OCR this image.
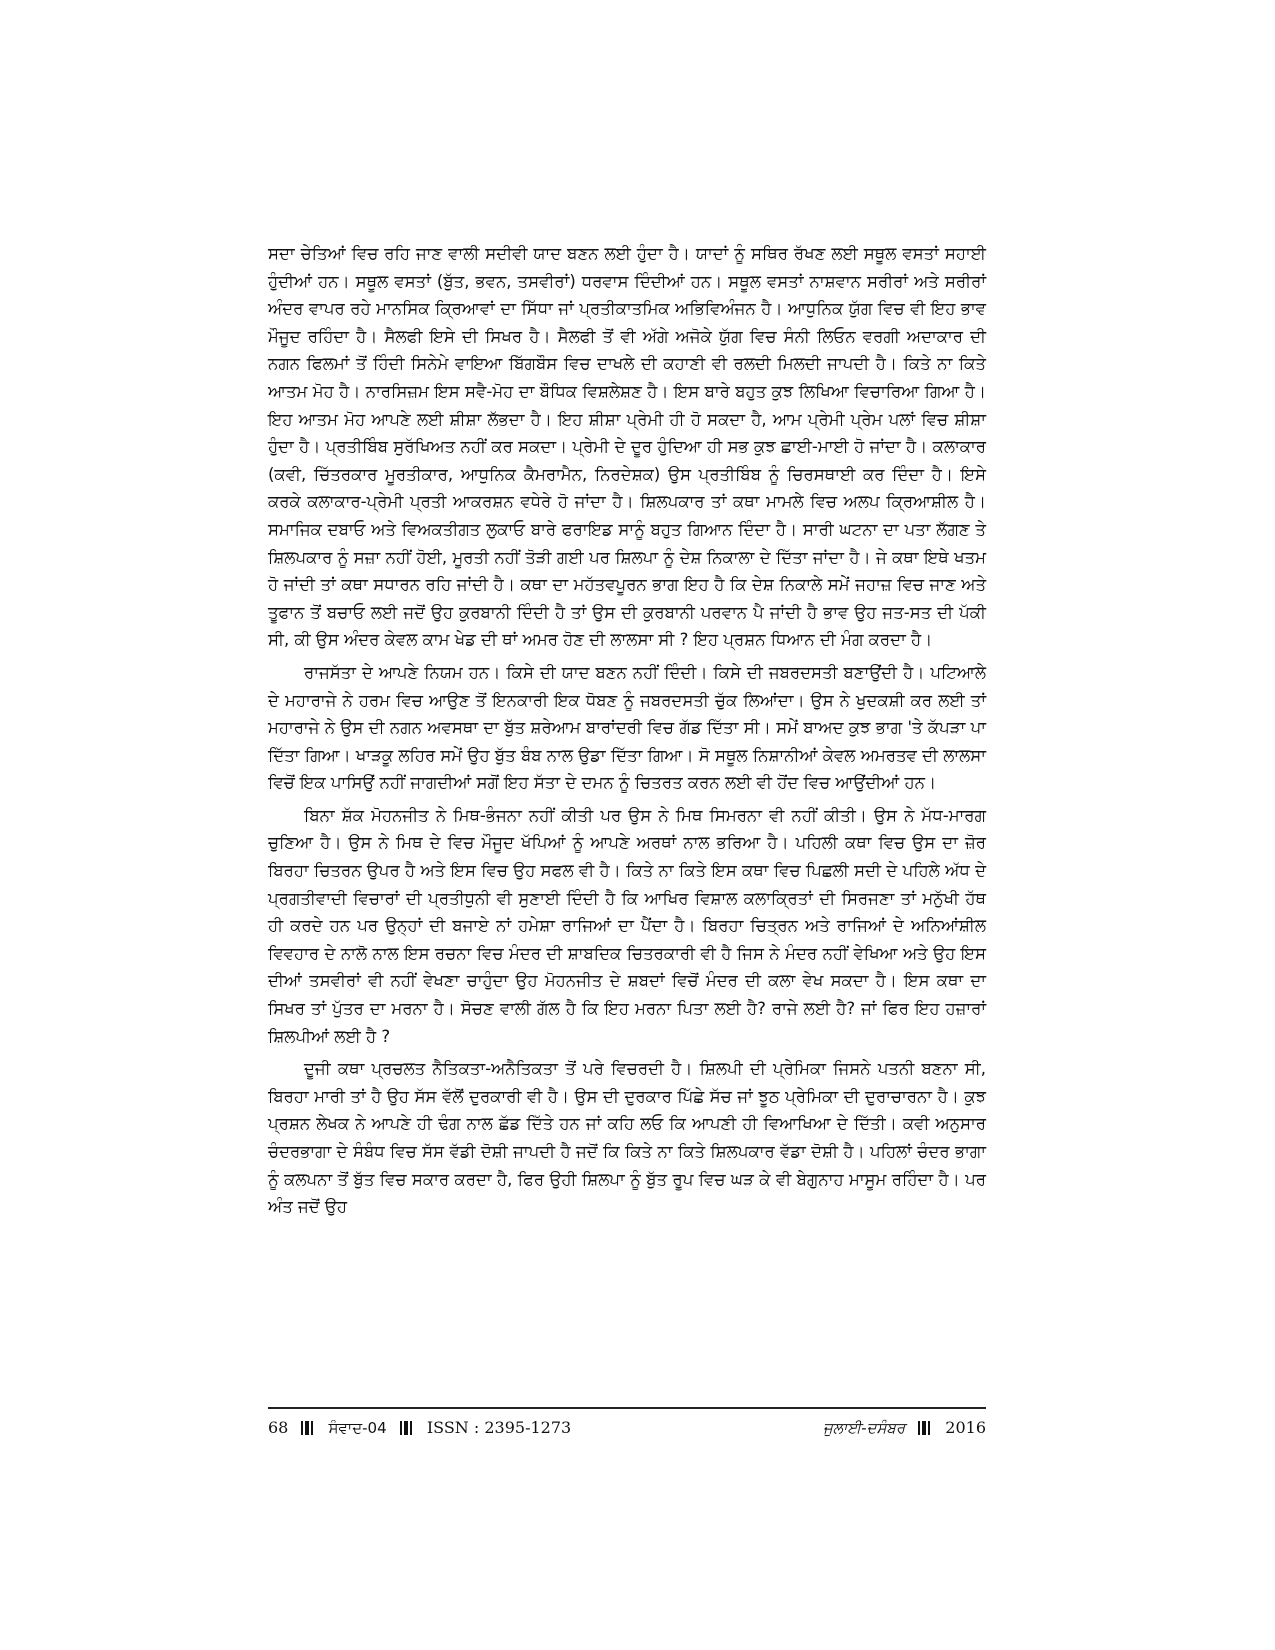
ਸਦਾ ਚੇਤਿਆਂ ਵਿਚ ਰਹਿ ਜਾਣ ਵਾਲੀ ਸਦੀਵੀ ਯਾਦ ਬਣਨ ਲਈ ਹੁੰਦਾ ਹੈ। ਯਾਦਾਂ ਨੂੰ ਸਥਿਰ ਰੱਖਣ ਲਈ ਸਥੂਲ ਵਸਤਾਂ ਸਹਾਈ ਹੁੰਦੀਆਂ ਹਨ। ਸਥੂਲ ਵਸਤਾਂ (ਬੁੱਤ, ਭਵਨ, ਤਸਵੀਰਾਂ) ਧਰਵਾਸ ਦਿੰਦੀਆਂ ਹਨ। ਸਥੂਲ ਵਸਤਾਂ ਨਾਸ਼ਵਾਨ ਸਰੀਰਾਂ ਅਤੇ ਸਰੀਰਾਂ ਅੰਦਰ ਵਾਪਰ ਰਹੇ ਮਾਨਸਿਕ ਕ੍ਰਿਆਵਾਂ ਦਾ ਸਿੱਧਾ ਜਾਂ ਪ੍ਰਤੀਕਾਤਮਿਕ ਅਭਿਵਿਅੰਜਨ ਹੈ। ਆਧੁਨਿਕ ਯੁੱਗ ਵਿਚ ਵੀ ਇਹ ਭਾਵ ਮੌਜੂਦ ਰਹਿੰਦਾ ਹੈ। ਸੈਲਫੀ ਇਸੇ ਦੀ ਸਿਖਰ ਹੈ। ਸੈਲਫੀ ਤੋਂ ਵੀ ਅੱਗੇ ਅਜੋਕੇ ਯੁੱਗ ਵਿਚ ਸੰਨੀ ਲਿਓਨ ਵਰਗੀ ਅਦਾਕਾਰ ਦੀ ਨਗਨ ਫਿਲਮਾਂ ਤੋਂ ਹਿੰਦੀ ਸਿਨੇਮੇ ਵਾਇਆ ਬਿੱਗਬੌਸ ਵਿਚ ਦਾਖਲੇ ਦੀ ਕਹਾਣੀ ਵੀ ਰਲਦੀ ਮਿਲਦੀ ਜਾਪਦੀ ਹੈ। ਕਿਤੇ ਨਾ ਕਿਤੇ ਆਤਮ ਮੋਹ ਹੈ। ਨਾਰਸਿਜ਼ਮ ਇਸ ਸਵੈ-ਮੋਹ ਦਾ ਬੌਧਿਕ ਵਿਸ਼ਲੇਸ਼ਣ ਹੈ। ਇਸ ਬਾਰੇ ਬਹੁਤ ਕੁਝ ਲਿਖਿਆ ਵਿਚਾਰਿਆ ਗਿਆ ਹੈ। ਇਹ ਆਤਮ ਮੋਹ ਆਪਣੇ ਲਈ ਸ਼ੀਸ਼ਾ ਲੱਭਦਾ ਹੈ। ਇਹ ਸ਼ੀਸ਼ਾ ਪ੍ਰੇਮੀ ਹੀ ਹੋ ਸਕਦਾ ਹੈ, ਆਮ ਪ੍ਰੇਮੀ ਪ੍ਰੇਮ ਪਲਾਂ ਵਿਚ ਸ਼ੀਸ਼ਾ ਹੁੰਦਾ ਹੈ। ਪ੍ਰਤੀਬਿੰਬ ਸੁਰੱਖਿਅਤ ਨਹੀਂ ਕਰ ਸਕਦਾ। ਪ੍ਰੇਮੀ ਦੇ ਦੂਰ ਹੁੰਦਿਆ ਹੀ ਸਭ ਕੁਝ ਛਾਈ-ਮਾਈ ਹੋ ਜਾਂਦਾ ਹੈ। ਕਲਾਕਾਰ (ਕਵੀ, ਚਿੱਤਰਕਾਰ ਮੂਰਤੀਕਾਰ, ਆਧੁਨਿਕ ਕੈਮਰਾਮੈਨ, ਨਿਰਦੇਸ਼ਕ) ਉਸ ਪ੍ਰਤੀਬਿੰਬ ਨੂੰ ਚਿਰਸਥਾਈ ਕਰ ਦਿੰਦਾ ਹੈ। ਇਸੇ ਕਰਕੇ ਕਲਾਕਾਰ-ਪ੍ਰੇਮੀ ਪ੍ਰਤੀ ਆਕਰਸ਼ਨ ਵਧੇਰੇ ਹੋ ਜਾਂਦਾ ਹੈ। ਸ਼ਿਲਪਕਾਰ ਤਾਂ ਕਥਾ ਮਾਮਲੇ ਵਿਚ ਅਲਪ ਕ੍ਰਿਆਸ਼ੀਲ ਹੈ। ਸਮਾਜਿਕ ਦਬਾਓ ਅਤੇ ਵਿਅਕਤੀਗਤ ਲੁਕਾਓ ਬਾਰੇ ਫਰਾਇਡ ਸਾਨੂੰ ਬਹੁਤ ਗਿਆਨ ਦਿੰਦਾ ਹੈ। ਸਾਰੀ ਘਟਨਾ ਦਾ ਪਤਾ ਲੱਗਣ ਤੇ ਸ਼ਿਲਪਕਾਰ ਨੂੰ ਸਜ਼ਾ ਨਹੀਂ ਹੋਈ, ਮੂਰਤੀ ਨਹੀਂ ਤੋੜੀ ਗਈ ਪਰ ਸ਼ਿਲਪਾ ਨੂੰ ਦੇਸ਼ ਨਿਕਾਲਾ ਦੇ ਦਿੱਤਾ ਜਾਂਦਾ ਹੈ। ਜੇ ਕਥਾ ਇਥੇ ਖਤਮ ਹੋ ਜਾਂਦੀ ਤਾਂ ਕਥਾ ਸਧਾਰਨ ਰਹਿ ਜਾਂਦੀ ਹੈ। ਕਥਾ ਦਾ ਮਹੱਤਵਪੂਰਨ ਭਾਗ ਇਹ ਹੈ ਕਿ ਦੇਸ਼ ਨਿਕਾਲੇ ਸਮੇਂ ਜਹਾਜ਼ ਵਿਚ ਜਾਣ ਅਤੇ ਤੂਫਾਨ ਤੋਂ ਬਚਾਓ ਲਈ ਜਦੋਂ ਉਹ ਕੁਰਬਾਨੀ ਦਿੰਦੀ ਹੈ ਤਾਂ ਉਸ ਦੀ ਕੁਰਬਾਨੀ ਪਰਵਾਨ ਪੈ ਜਾਂਦੀ ਹੈ ਭਾਵ ਉਹ ਜਤ-ਸਤ ਦੀ ਪੱਕੀ ਸੀ, ਕੀ ਉਸ ਅੰਦਰ ਕੇਵਲ ਕਾਮ ਖੇਡ ਦੀ ਥਾਂ ਅਮਰ ਹੋਣ ਦੀ ਲਾਲਸਾ ਸੀ ? ਇਹ ਪ੍ਰਸ਼ਨ ਧਿਆਨ ਦੀ ਮੰਗ ਕਰਦਾ ਹੈ।

ਰਾਜਸੱਤਾ ਦੇ ਆਪਣੇ ਨਿਯਮ ਹਨ। ਕਿਸੇ ਦੀ ਯਾਦ ਬਣਨ ਨਹੀਂ ਦਿੰਦੀ। ਕਿਸੇ ਦੀ ਜਬਰਦਸਤੀ ਬਣਾਉਂਦੀ ਹੈ। ਪਟਿਆਲੇ ਦੇ ਮਹਾਰਾਜੇ ਨੇ ਹਰਮ ਵਿਚ ਆਉਣ ਤੋਂ ਇਨਕਾਰੀ ਇਕ ਧੋਬਣ ਨੂੰ ਜਬਰਦਸਤੀ ਚੁੱਕ ਲਿਆਂਦਾ। ਉਸ ਨੇ ਖੁਦਕਸ਼ੀ ਕਰ ਲਈ ਤਾਂ ਮਹਾਰਾਜੇ ਨੇ ਉਸ ਦੀ ਨਗਨ ਅਵਸਥਾ ਦਾ ਬੁੱਤ ਸ਼ਰੇਆਮ ਬਾਰਾਂਦਰੀ ਵਿਚ ਗੱਡ ਦਿੱਤਾ ਸੀ। ਸਮੇਂ ਬਾਅਦ ਕੁਝ ਭਾਗ 'ਤੇ ਕੱਪੜਾ ਪਾ ਦਿੱਤਾ ਗਿਆ। ਖਾੜਕੂ ਲਹਿਰ ਸਮੇਂ ਉਹ ਬੁੱਤ ਬੰਬ ਨਾਲ ਉਡਾ ਦਿੱਤਾ ਗਿਆ। ਸੋ ਸਥੂਲ ਨਿਸ਼ਾਨੀਆਂ ਕੇਵਲ ਅਮਰਤਵ ਦੀ ਲਾਲਸਾ ਵਿਚੋਂ ਇਕ ਪਾਸਿਉਂ ਨਹੀਂ ਜਾਗਦੀਆਂ ਸਗੋਂ ਇਹ ਸੱਤਾ ਦੇ ਦਮਨ ਨੂੰ ਚਿਤਰਤ ਕਰਨ ਲਈ ਵੀ ਹੋਂਦ ਵਿਚ ਆਉਂਦੀਆਂ ਹਨ।

ਬਿਨਾ ਸ਼ੱਕ ਮੋਹਨਜੀਤ ਨੇ ਮਿਥ-ਭੰਜਨਾ ਨਹੀਂ ਕੀਤੀ ਪਰ ਉਸ ਨੇ ਮਿਥ ਸਿਮਰਨਾ ਵੀ ਨਹੀਂ ਕੀਤੀ। ਉਸ ਨੇ ਮੱਧ-ਮਾਰਗ ਚੁਣਿਆ ਹੈ। ਉਸ ਨੇ ਮਿਥ ਦੇ ਵਿਚ ਮੌਜੂਦ ਖੱਪਿਆਂ ਨੂੰ ਆਪਣੇ ਅਰਥਾਂ ਨਾਲ ਭਰਿਆ ਹੈ। ਪਹਿਲੀ ਕਥਾ ਵਿਚ ਉਸ ਦਾ ਜ਼ੋਰ ਬਿਰਹਾ ਚਿਤਰਨ ਉਪਰ ਹੈ ਅਤੇ ਇਸ ਵਿਚ ਉਹ ਸਫਲ ਵੀ ਹੈ। ਕਿਤੇ ਨਾ ਕਿਤੇ ਇਸ ਕਥਾ ਵਿਚ ਪਿਛਲੀ ਸਦੀ ਦੇ ਪਹਿਲੇ ਅੱਧ ਦੇ ਪ੍ਰਗਤੀਵਾਦੀ ਵਿਚਾਰਾਂ ਦੀ ਪ੍ਰਤੀਧੁਨੀ ਵੀ ਸੁਣਾਈ ਦਿੰਦੀ ਹੈ ਕਿ ਆਖਿਰ ਵਿਸ਼ਾਲ ਕਲਾਕ੍ਰਿਤਾਂ ਦੀ ਸਿਰਜਣਾ ਤਾਂ ਮਨੁੱਖੀ ਹੱਥ ਹੀ ਕਰਦੇ ਹਨ ਪਰ ਉਨ੍ਹਾਂ ਦੀ ਬਜਾਏ ਨਾਂ ਹਮੇਸ਼ਾ ਰਾਜਿਆਂ ਦਾ ਪੈਂਦਾ ਹੈ। ਬਿਰਹਾ ਚਿਤ੍ਰਨ ਅਤੇ ਰਾਜਿਆਂ ਦੇ ਅਨਿਆਂਸ਼ੀਲ ਵਿਵਹਾਰ ਦੇ ਨਾਲੋ ਨਾਲ ਇਸ ਰਚਨਾ ਵਿਚ ਮੰਦਰ ਦੀ ਸ਼ਾਬਦਿਕ ਚਿਤਰਕਾਰੀ ਵੀ ਹੈ ਜਿਸ ਨੇ ਮੰਦਰ ਨਹੀਂ ਵੇਖਿਆ ਅਤੇ ਉਹ ਇਸ ਦੀਆਂ ਤਸਵੀਰਾਂ ਵੀ ਨਹੀਂ ਵੇਖਣਾ ਚਾਹੁੰਦਾ ਉਹ ਮੋਹਨਜੀਤ ਦੇ ਸ਼ਬਦਾਂ ਵਿਚੋਂ ਮੰਦਰ ਦੀ ਕਲਾ ਵੇਖ ਸਕਦਾ ਹੈ। ਇਸ ਕਥਾ ਦਾ ਸਿਖਰ ਤਾਂ ਪੁੱਤਰ ਦਾ ਮਰਨਾ ਹੈ। ਸੋਚਣ ਵਾਲੀ ਗੱਲ ਹੈ ਕਿ ਇਹ ਮਰਨਾ ਪਿਤਾ ਲਈ ਹੈ? ਰਾਜੇ ਲਈ ਹੈ? ਜਾਂ ਫਿਰ ਇਹ ਹਜ਼ਾਰਾਂ ਸ਼ਿਲਪੀਆਂ ਲਈ ਹੈ ?

ਦੂਜੀ ਕਥਾ ਪ੍ਰਚਲਤ ਨੈਤਿਕਤਾ-ਅਨੈਤਿਕਤਾ ਤੋਂ ਪਰੇ ਵਿਚਰਦੀ ਹੈ। ਸ਼ਿਲਪੀ ਦੀ ਪ੍ਰੇਮਿਕਾ ਜਿਸਨੇ ਪਤਨੀ ਬਣਨਾ ਸੀ, ਬਿਰਹਾ ਮਾਰੀ ਤਾਂ ਹੈ ਉਹ ਸੱਸ ਵੱਲੋਂ ਦੁਰਕਾਰੀ ਵੀ ਹੈ। ਉਸ ਦੀ ਦੁਰਕਾਰ ਪਿੱਛੇ ਸੱਚ ਜਾਂ ਝੂਠ ਪ੍ਰੇਮਿਕਾ ਦੀ ਦੁਰਾਚਾਰਨਾ ਹੈ। ਕੁਝ ਪ੍ਰਸ਼ਨ ਲੇਖਕ ਨੇ ਆਪਣੇ ਹੀ ਢੰਗ ਨਾਲ ਛੱਡ ਦਿੱਤੇ ਹਨ ਜਾਂ ਕਹਿ ਲਓ ਕਿ ਆਪਣੀ ਹੀ ਵਿਆਖਿਆ ਦੇ ਦਿੱਤੀ। ਕਵੀ ਅਨੁਸਾਰ ਚੰਦਰਭਾਗਾ ਦੇ ਸੰਬੰਧ ਵਿਚ ਸੱਸ ਵੱਡੀ ਦੋਸ਼ੀ ਜਾਪਦੀ ਹੈ ਜਦੋਂ ਕਿ ਕਿਤੇ ਨਾ ਕਿਤੇ ਸ਼ਿਲਪਕਾਰ ਵੱਡਾ ਦੋਸ਼ੀ ਹੈ। ਪਹਿਲਾਂ ਚੰਦਰ ਭਾਗਾ ਨੂੰ ਕਲਪਨਾ ਤੋਂ ਬੁੱਤ ਵਿਚ ਸਕਾਰ ਕਰਦਾ ਹੈ, ਫਿਰ ਉਹੀ ਸ਼ਿਲਪਾ ਨੂੰ ਬੁੱਤ ਰੂਪ ਵਿਚ ਘੜ ਕੇ ਵੀ ਬੇਗੁਨਾਹ ਮਾਸੂਮ ਰਹਿੰਦਾ ਹੈ। ਪਰ ਅੰਤ ਜਦੋਂ ਉਹ

68	ਸੰਵਾਦ-04	ISSN : 2395-1273	ਜੁਲਾਈ-ਦਸੰਬਰ	2016
